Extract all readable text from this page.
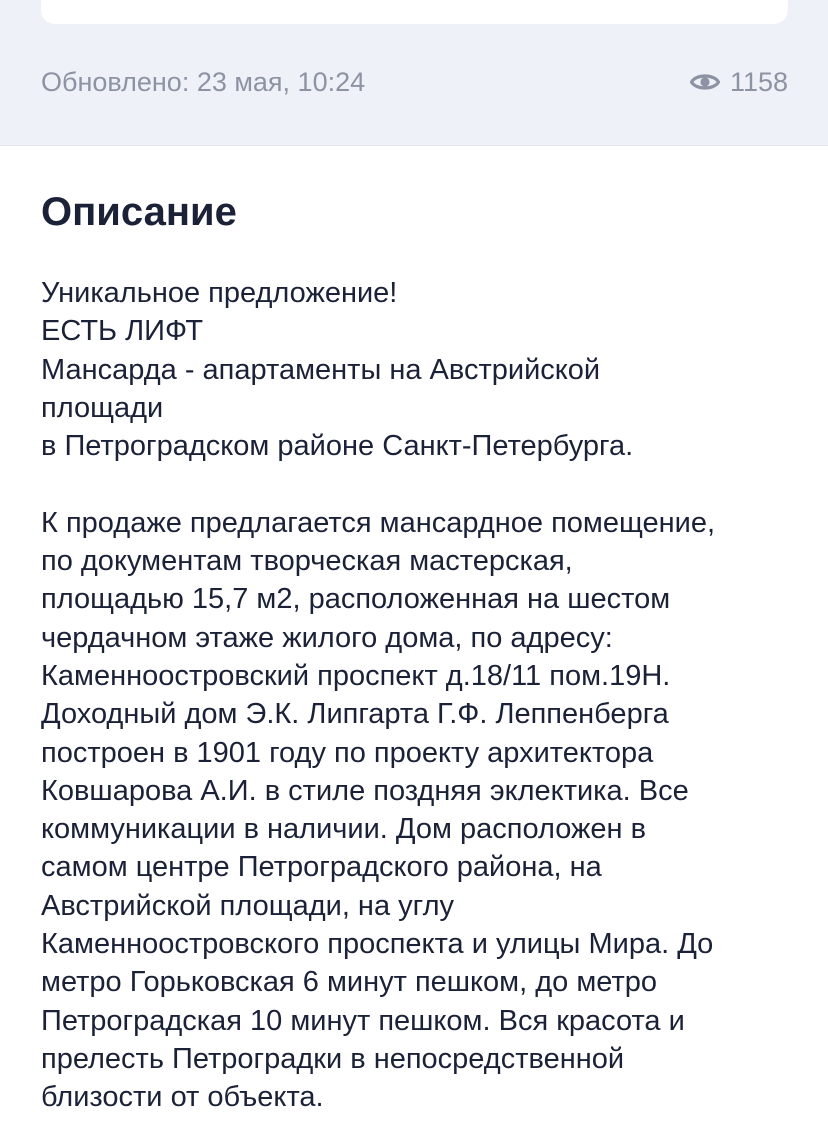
Обновлено: 23 мая, 10:24	1158
Описание
Уникальное предложение!
ЕСТЬ ЛИФТ
Мансарда - апартаменты на Австрийской
площади
в Петроградском районе Санкт-Петербурга.
К продаже предлагается мансардное помещение,
по документам творческая мастерская,
площадью 15,7 м2, расположенная на шестом
чердачном этаже жилого дома, по адресу:
Каменноостровский проспект д.18/11 пом.19Н.
Доходный дом Э.К. Липгарта Г.Ф. Леппенберга
построен в 1901 году по проекту архитектора
Ковшарова А.И. в стиле поздняя эклектика. Все
коммуникации в наличии. Дом расположен в
самом центре Петроградского района, на
Австрийской площади, на углу
Каменноостровского проспекта и улицы Мира. До
метро Горьковская 6 минут пешком, до метро
Петроградская 10 минут пешком. Вся красота и
прелесть Петроградки в непосредственной
близости от объекта.
